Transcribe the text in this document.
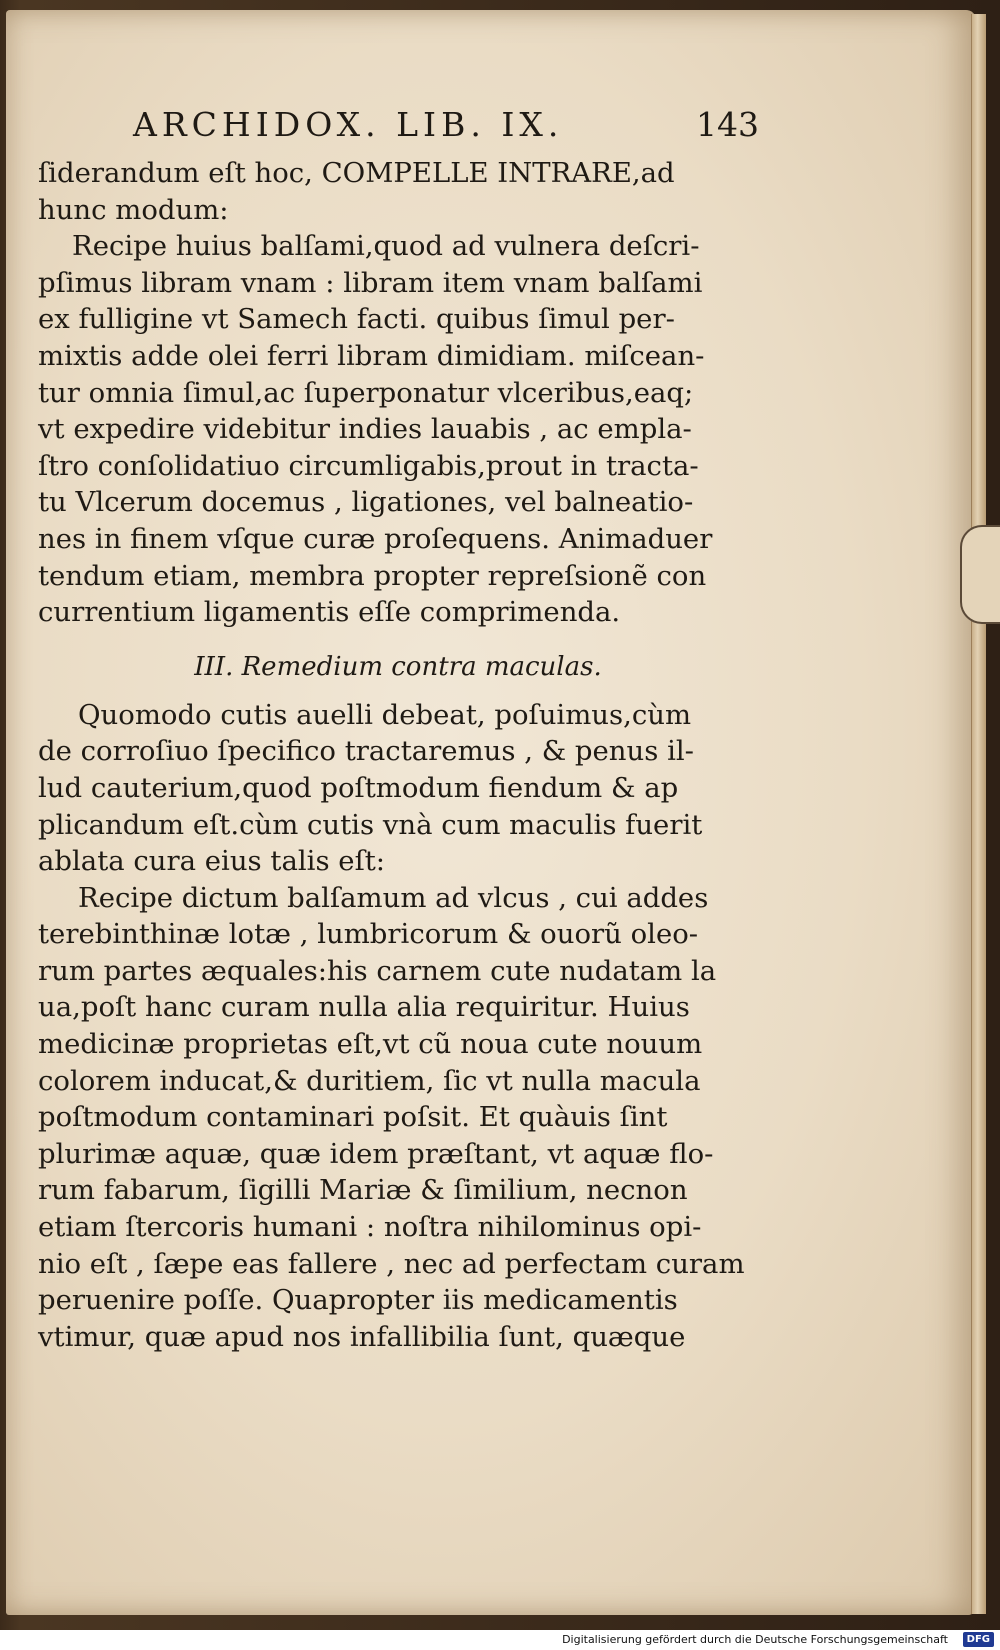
ARCHIDOX. LIB. IX.	143
ſiderandum eſt hoc, COMPELLE INTRARE,ad
hunc modum:
Recipe huius balſami,quod ad vulnera deſcri-
pſimus libram vnam : libram item vnam balſami
ex fulligine vt Samech facti. quibus ſimul per-
mixtis adde olei ferri libram dimidiam. miſcean-
tur omnia ſimul,ac ſuperponatur vlceribus,eaq;
vt expedire videbitur indies lauabis , ac empla-
ſtro conſolidatiuo circumligabis,prout in tracta-
tu Vlcerum docemus , ligationes, vel balneatio-
nes in finem vſque curæ proſequens. Animaduer
tendum etiam, membra propter repreſsionẽ con
currentium ligamentis eſſe comprimenda.
III. Remedium contra maculas.
Quomodo cutis auelli debeat, poſuimus,cùm
de corroſiuo ſpecifico tractaremus , & penus il-
lud cauterium,quod poſtmodum fiendum & ap
plicandum eſt.cùm cutis vnà cum maculis fuerit
ablata cura eius talis eſt:
Recipe dictum balſamum ad vlcus , cui addes
terebinthinæ lotæ , lumbricorum & ouorũ oleo-
rum partes æquales:his carnem cute nudatam la
ua,poſt hanc curam nulla alia requiritur. Huius
medicinæ proprietas eſt,vt cũ noua cute nouum
colorem inducat,& duritiem, ſic vt nulla macula
poſtmodum contaminari poſsit. Et quàuis ſint
plurimæ aquæ, quæ idem præſtant, vt aquæ flo-
rum fabarum, ſigilli Mariæ & ſimilium, necnon
etiam ſtercoris humani : noſtra nihilominus opi-
nio eſt , ſæpe eas fallere , nec ad perfectam curam
peruenire poſſe. Quapropter iis medicamentis
vtimur, quæ apud nos infallibilia ſunt, quæque
Digitalisierung gefördert durch die Deutsche Forschungsgemeinschaft	DFG
